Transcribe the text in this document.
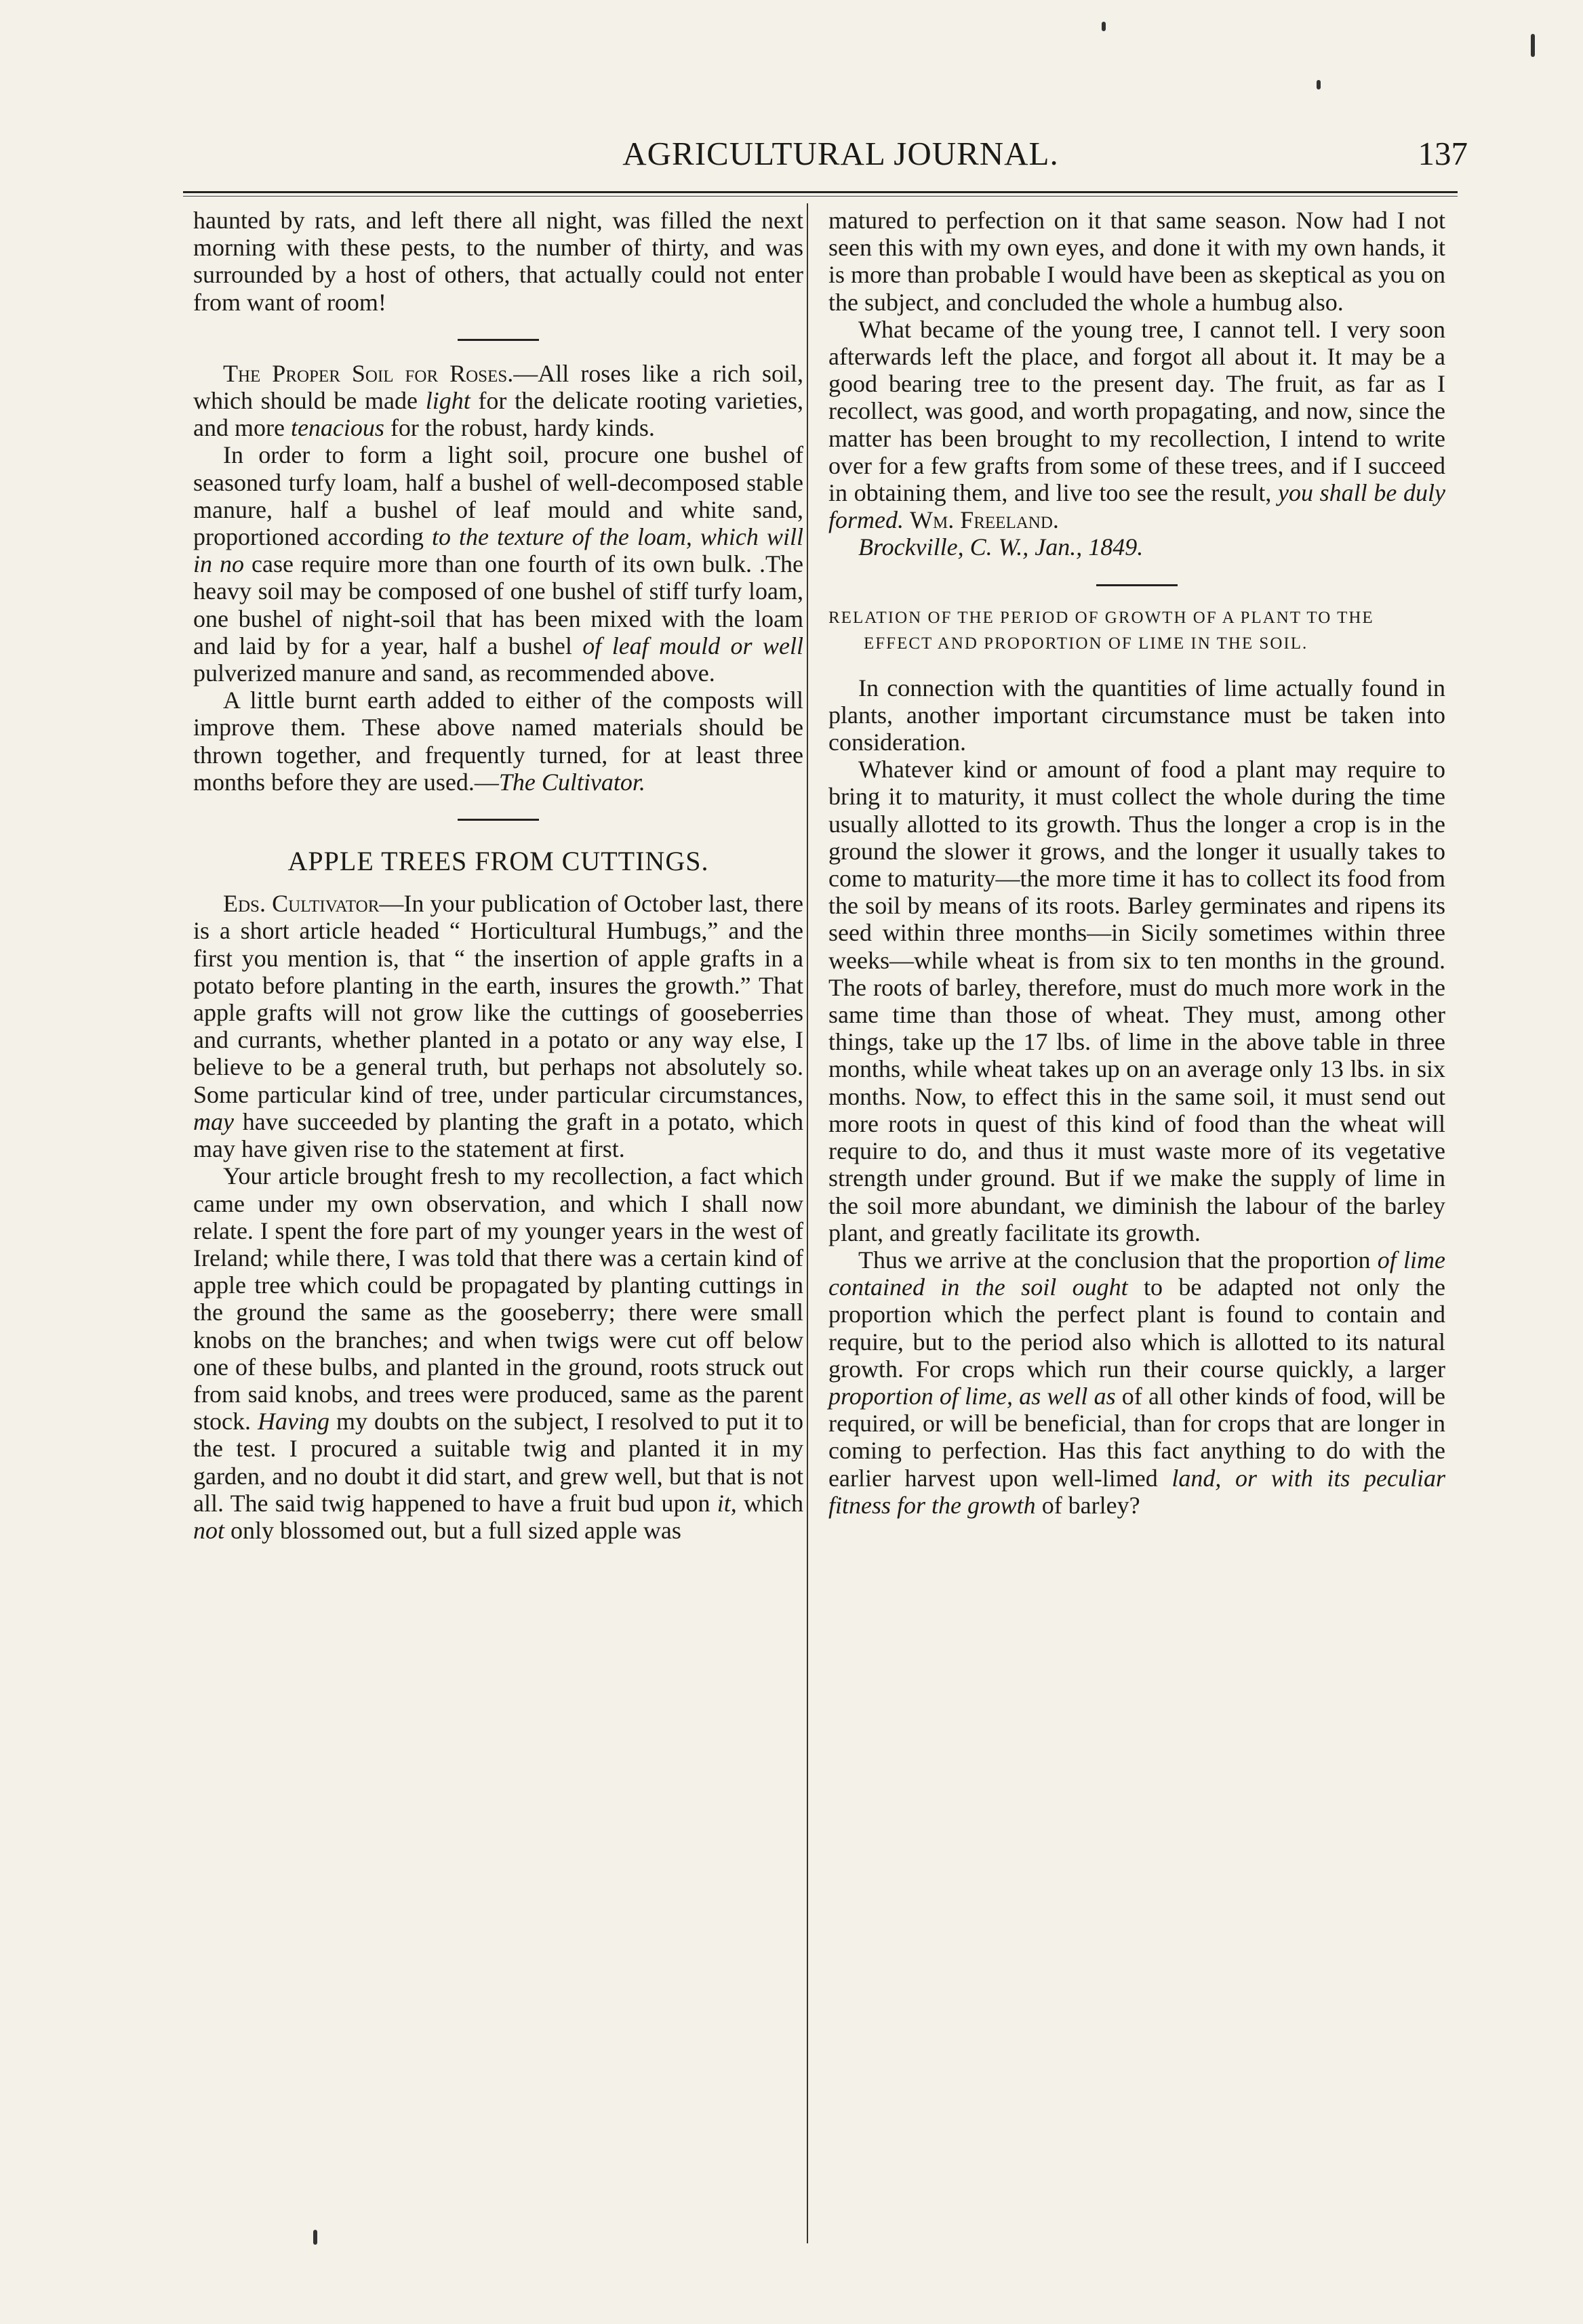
AGRICULTURAL JOURNAL.	137

haunted by rats, and left there all night, was filled the next morning with these pests, to the number of thirty, and was surrounded by a host of others, that actually could not enter from want of room!

The Proper Soil for Roses.—All roses like a rich soil, which should be made light for the delicate rooting varieties, and more tenacious for the robust, hardy kinds.

In order to form a light soil, procure one bushel of seasoned turfy loam, half a bushel of well-decomposed stable manure, half a bushel of leaf mould and white sand, proportioned according to the texture of the loam, which will in no case require more than one fourth of its own bulk. .The heavy soil may be composed of one bushel of stiff turfy loam, one bushel of night-soil that has been mixed with the loam and laid by for a year, half a bushel of leaf mould or well pulverized manure and sand, as recommended above.

A little burnt earth added to either of the composts will improve them. These above named materials should be thrown together, and frequently turned, for at least three months before they are used.—The Cultivator.

APPLE TREES FROM CUTTINGS.

Eds. Cultivator—In your publication of October last, there is a short article headed “ Horticultural Humbugs,” and the first you mention is, that “ the insertion of apple grafts in a potato before planting in the earth, insures the growth.” That apple grafts will not grow like the cuttings of gooseberries and currants, whether planted in a potato or any way else, I believe to be a general truth, but perhaps not absolutely so. Some particular kind of tree, under particular circumstances, may have succeeded by planting the graft in a potato, which may have given rise to the statement at first.

Your article brought fresh to my recollection, a fact which came under my own observation, and which I shall now relate. I spent the fore part of my younger years in the west of Ireland; while there, I was told that there was a certain kind of apple tree which could be propagated by planting cuttings in the ground the same as the gooseberry; there were small knobs on the branches; and when twigs were cut off below one of these bulbs, and planted in the ground, roots struck out from said knobs, and trees were produced, same as the parent stock. Having my doubts on the subject, I resolved to put it to the test. I procured a suitable twig and planted it in my garden, and no doubt it did start, and grew well, but that is not all. The said twig happened to have a fruit bud upon it, which not only blossomed out, but a full sized apple was

matured to perfection on it that same season. Now had I not seen this with my own eyes, and done it with my own hands, it is more than probable I would have been as skeptical as you on the subject, and concluded the whole a humbug also.

What became of the young tree, I cannot tell. I very soon afterwards left the place, and forgot all about it. It may be a good bearing tree to the present day. The fruit, as far as I recollect, was good, and worth propagating, and now, since the matter has been brought to my recollection, I intend to write over for a few grafts from some of these trees, and if I succeed in obtaining them, and live too see the result, you shall be duly formed. Wm. Freeland.

Brockville, C. W., Jan., 1849.

RELATION OF THE PERIOD OF GROWTH OF A PLANT TO THE EFFECT AND PROPORTION OF LIME IN THE SOIL.

In connection with the quantities of lime actually found in plants, another important circumstance must be taken into consideration.

Whatever kind or amount of food a plant may require to bring it to maturity, it must collect the whole during the time usually allotted to its growth. Thus the longer a crop is in the ground the slower it grows, and the longer it usually takes to come to maturity—the more time it has to collect its food from the soil by means of its roots. Barley germinates and ripens its seed within three months—in Sicily sometimes within three weeks—while wheat is from six to ten months in the ground. The roots of barley, therefore, must do much more work in the same time than those of wheat. They must, among other things, take up the 17 lbs. of lime in the above table in three months, while wheat takes up on an average only 13 lbs. in six months. Now, to effect this in the same soil, it must send out more roots in quest of this kind of food than the wheat will require to do, and thus it must waste more of its vegetative strength under ground. But if we make the supply of lime in the soil more abundant, we diminish the labour of the barley plant, and greatly facilitate its growth.

Thus we arrive at the conclusion that the proportion of lime contained in the soil ought to be adapted not only the proportion which the perfect plant is found to contain and require, but to the period also which is allotted to its natural growth. For crops which run their course quickly, a larger proportion of lime, as well as of all other kinds of food, will be required, or will be beneficial, than for crops that are longer in coming to perfection. Has this fact anything to do with the earlier harvest upon well-limed land, or with its peculiar fitness for the growth of barley?
